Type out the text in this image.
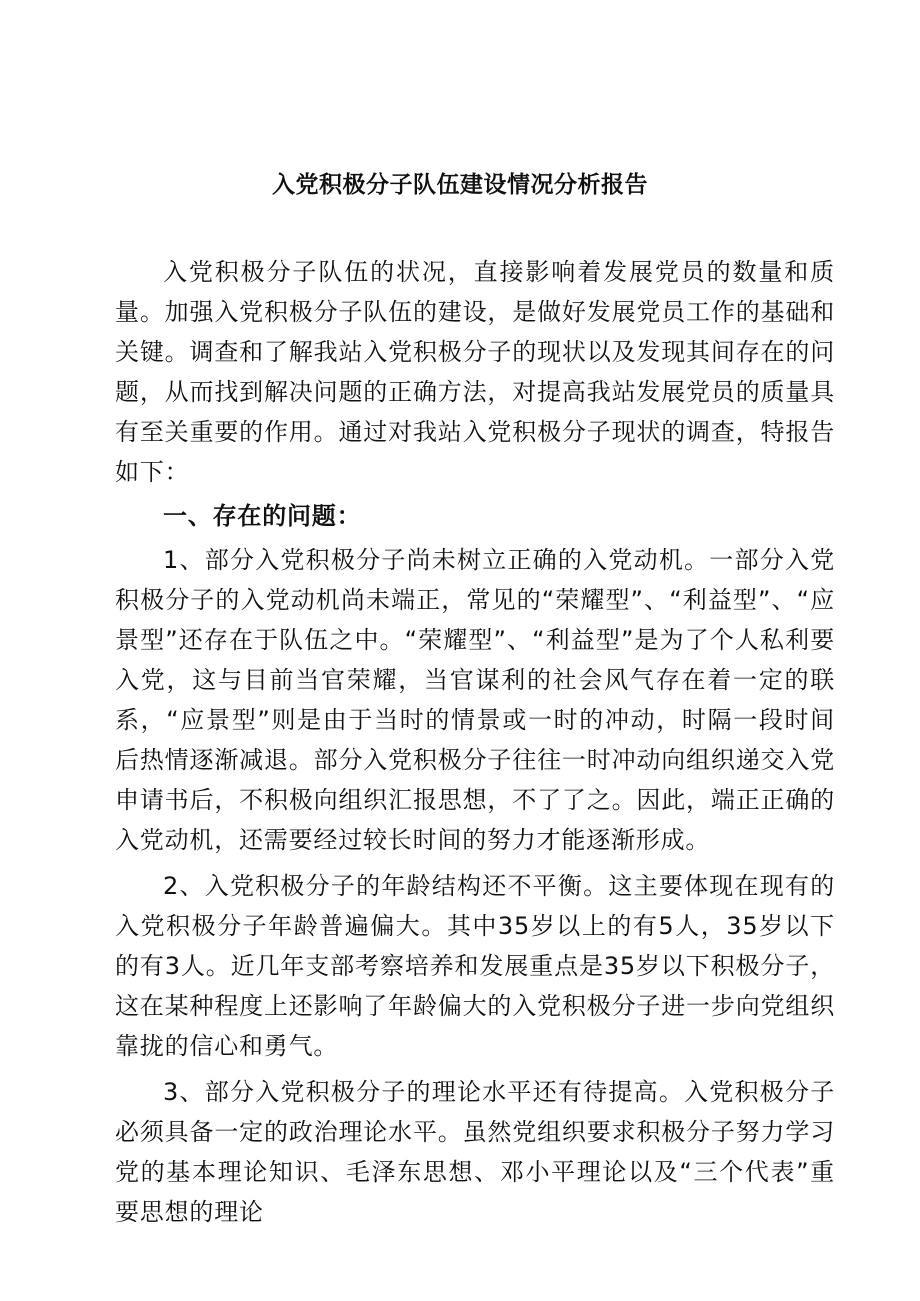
入党积极分子队伍建设情况分析报告

入党积极分子队伍的状况，直接影响着发展党员的数量和质量。加强入党积极分子队伍的建设，是做好发展党员工作的基础和关键。调查和了解我站入党积极分子的现状以及发现其间存在的问题，从而找到解决问题的正确方法，对提高我站发展党员的质量具有至关重要的作用。通过对我站入党积极分子现状的调查，特报告如下：

一、存在的问题：

1、部分入党积极分子尚未树立正确的入党动机。一部分入党积极分子的入党动机尚未端正，常见的“荣耀型”、“利益型”、“应景型”还存在于队伍之中。“荣耀型”、“利益型”是为了个人私利要入党，这与目前当官荣耀，当官谋利的社会风气存在着一定的联系，“应景型”则是由于当时的情景或一时的冲动，时隔一段时间后热情逐渐减退。部分入党积极分子往往一时冲动向组织递交入党申请书后，不积极向组织汇报思想，不了了之。因此，端正正确的入党动机，还需要经过较长时间的努力才能逐渐形成。

2、入党积极分子的年龄结构还不平衡。这主要体现在现有的入党积极分子年龄普遍偏大。其中35岁以上的有5人，35岁以下的有3人。近几年支部考察培养和发展重点是35岁以下积极分子，这在某种程度上还影响了年龄偏大的入党积极分子进一步向党组织靠拢的信心和勇气。

3、部分入党积极分子的理论水平还有待提高。入党积极分子必须具备一定的政治理论水平。虽然党组织要求积极分子努力学习党的基本理论知识、毛泽东思想、邓小平理论以及“三个代表”重要思想的理论
